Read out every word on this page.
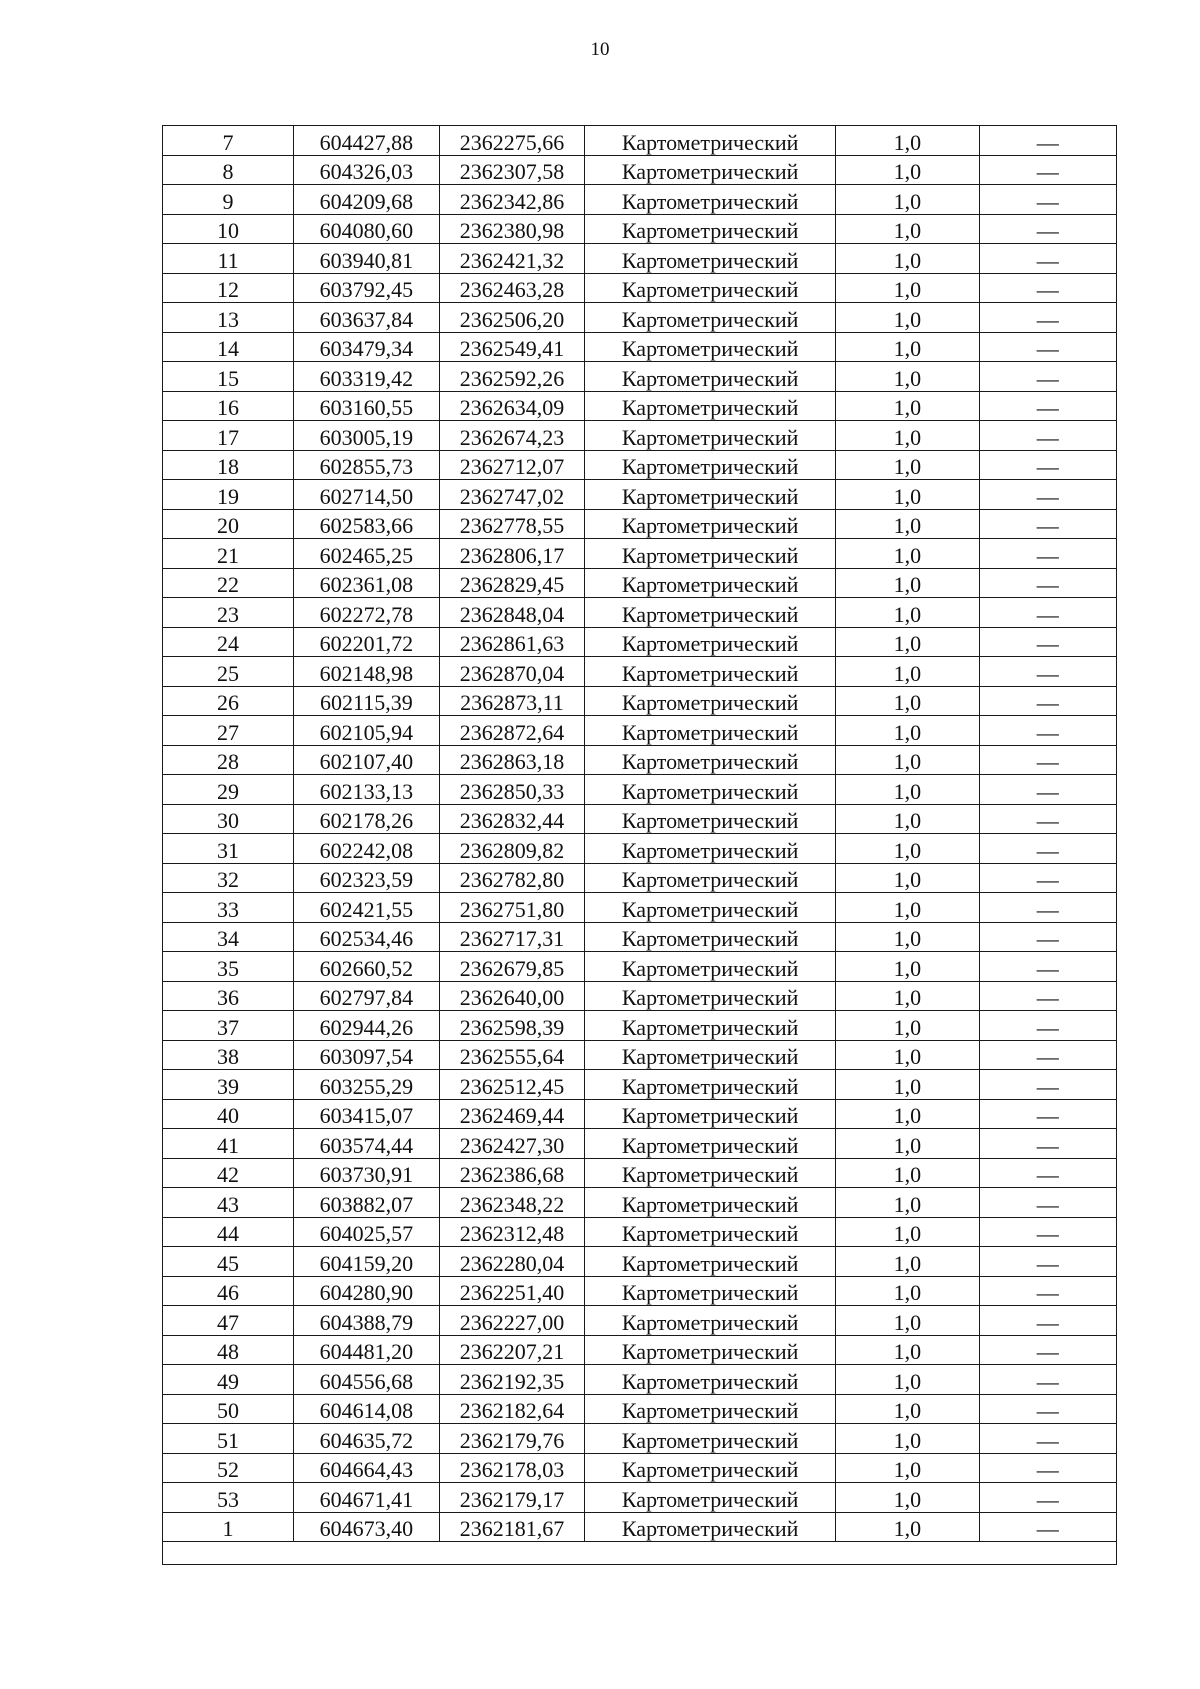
10
7	604427,88	2362275,66	Картометрический	1,0	—
8	604326,03	2362307,58	Картометрический	1,0	—
9	604209,68	2362342,86	Картометрический	1,0	—
10	604080,60	2362380,98	Картометрический	1,0	—
11	603940,81	2362421,32	Картометрический	1,0	—
12	603792,45	2362463,28	Картометрический	1,0	—
13	603637,84	2362506,20	Картометрический	1,0	—
14	603479,34	2362549,41	Картометрический	1,0	—
15	603319,42	2362592,26	Картометрический	1,0	—
16	603160,55	2362634,09	Картометрический	1,0	—
17	603005,19	2362674,23	Картометрический	1,0	—
18	602855,73	2362712,07	Картометрический	1,0	—
19	602714,50	2362747,02	Картометрический	1,0	—
20	602583,66	2362778,55	Картометрический	1,0	—
21	602465,25	2362806,17	Картометрический	1,0	—
22	602361,08	2362829,45	Картометрический	1,0	—
23	602272,78	2362848,04	Картометрический	1,0	—
24	602201,72	2362861,63	Картометрический	1,0	—
25	602148,98	2362870,04	Картометрический	1,0	—
26	602115,39	2362873,11	Картометрический	1,0	—
27	602105,94	2362872,64	Картометрический	1,0	—
28	602107,40	2362863,18	Картометрический	1,0	—
29	602133,13	2362850,33	Картометрический	1,0	—
30	602178,26	2362832,44	Картометрический	1,0	—
31	602242,08	2362809,82	Картометрический	1,0	—
32	602323,59	2362782,80	Картометрический	1,0	—
33	602421,55	2362751,80	Картометрический	1,0	—
34	602534,46	2362717,31	Картометрический	1,0	—
35	602660,52	2362679,85	Картометрический	1,0	—
36	602797,84	2362640,00	Картометрический	1,0	—
37	602944,26	2362598,39	Картометрический	1,0	—
38	603097,54	2362555,64	Картометрический	1,0	—
39	603255,29	2362512,45	Картометрический	1,0	—
40	603415,07	2362469,44	Картометрический	1,0	—
41	603574,44	2362427,30	Картометрический	1,0	—
42	603730,91	2362386,68	Картометрический	1,0	—
43	603882,07	2362348,22	Картометрический	1,0	—
44	604025,57	2362312,48	Картометрический	1,0	—
45	604159,20	2362280,04	Картометрический	1,0	—
46	604280,90	2362251,40	Картометрический	1,0	—
47	604388,79	2362227,00	Картометрический	1,0	—
48	604481,20	2362207,21	Картометрический	1,0	—
49	604556,68	2362192,35	Картометрический	1,0	—
50	604614,08	2362182,64	Картометрический	1,0	—
51	604635,72	2362179,76	Картометрический	1,0	—
52	604664,43	2362178,03	Картометрический	1,0	—
53	604671,41	2362179,17	Картометрический	1,0	—
1	604673,40	2362181,67	Картометрический	1,0	—
